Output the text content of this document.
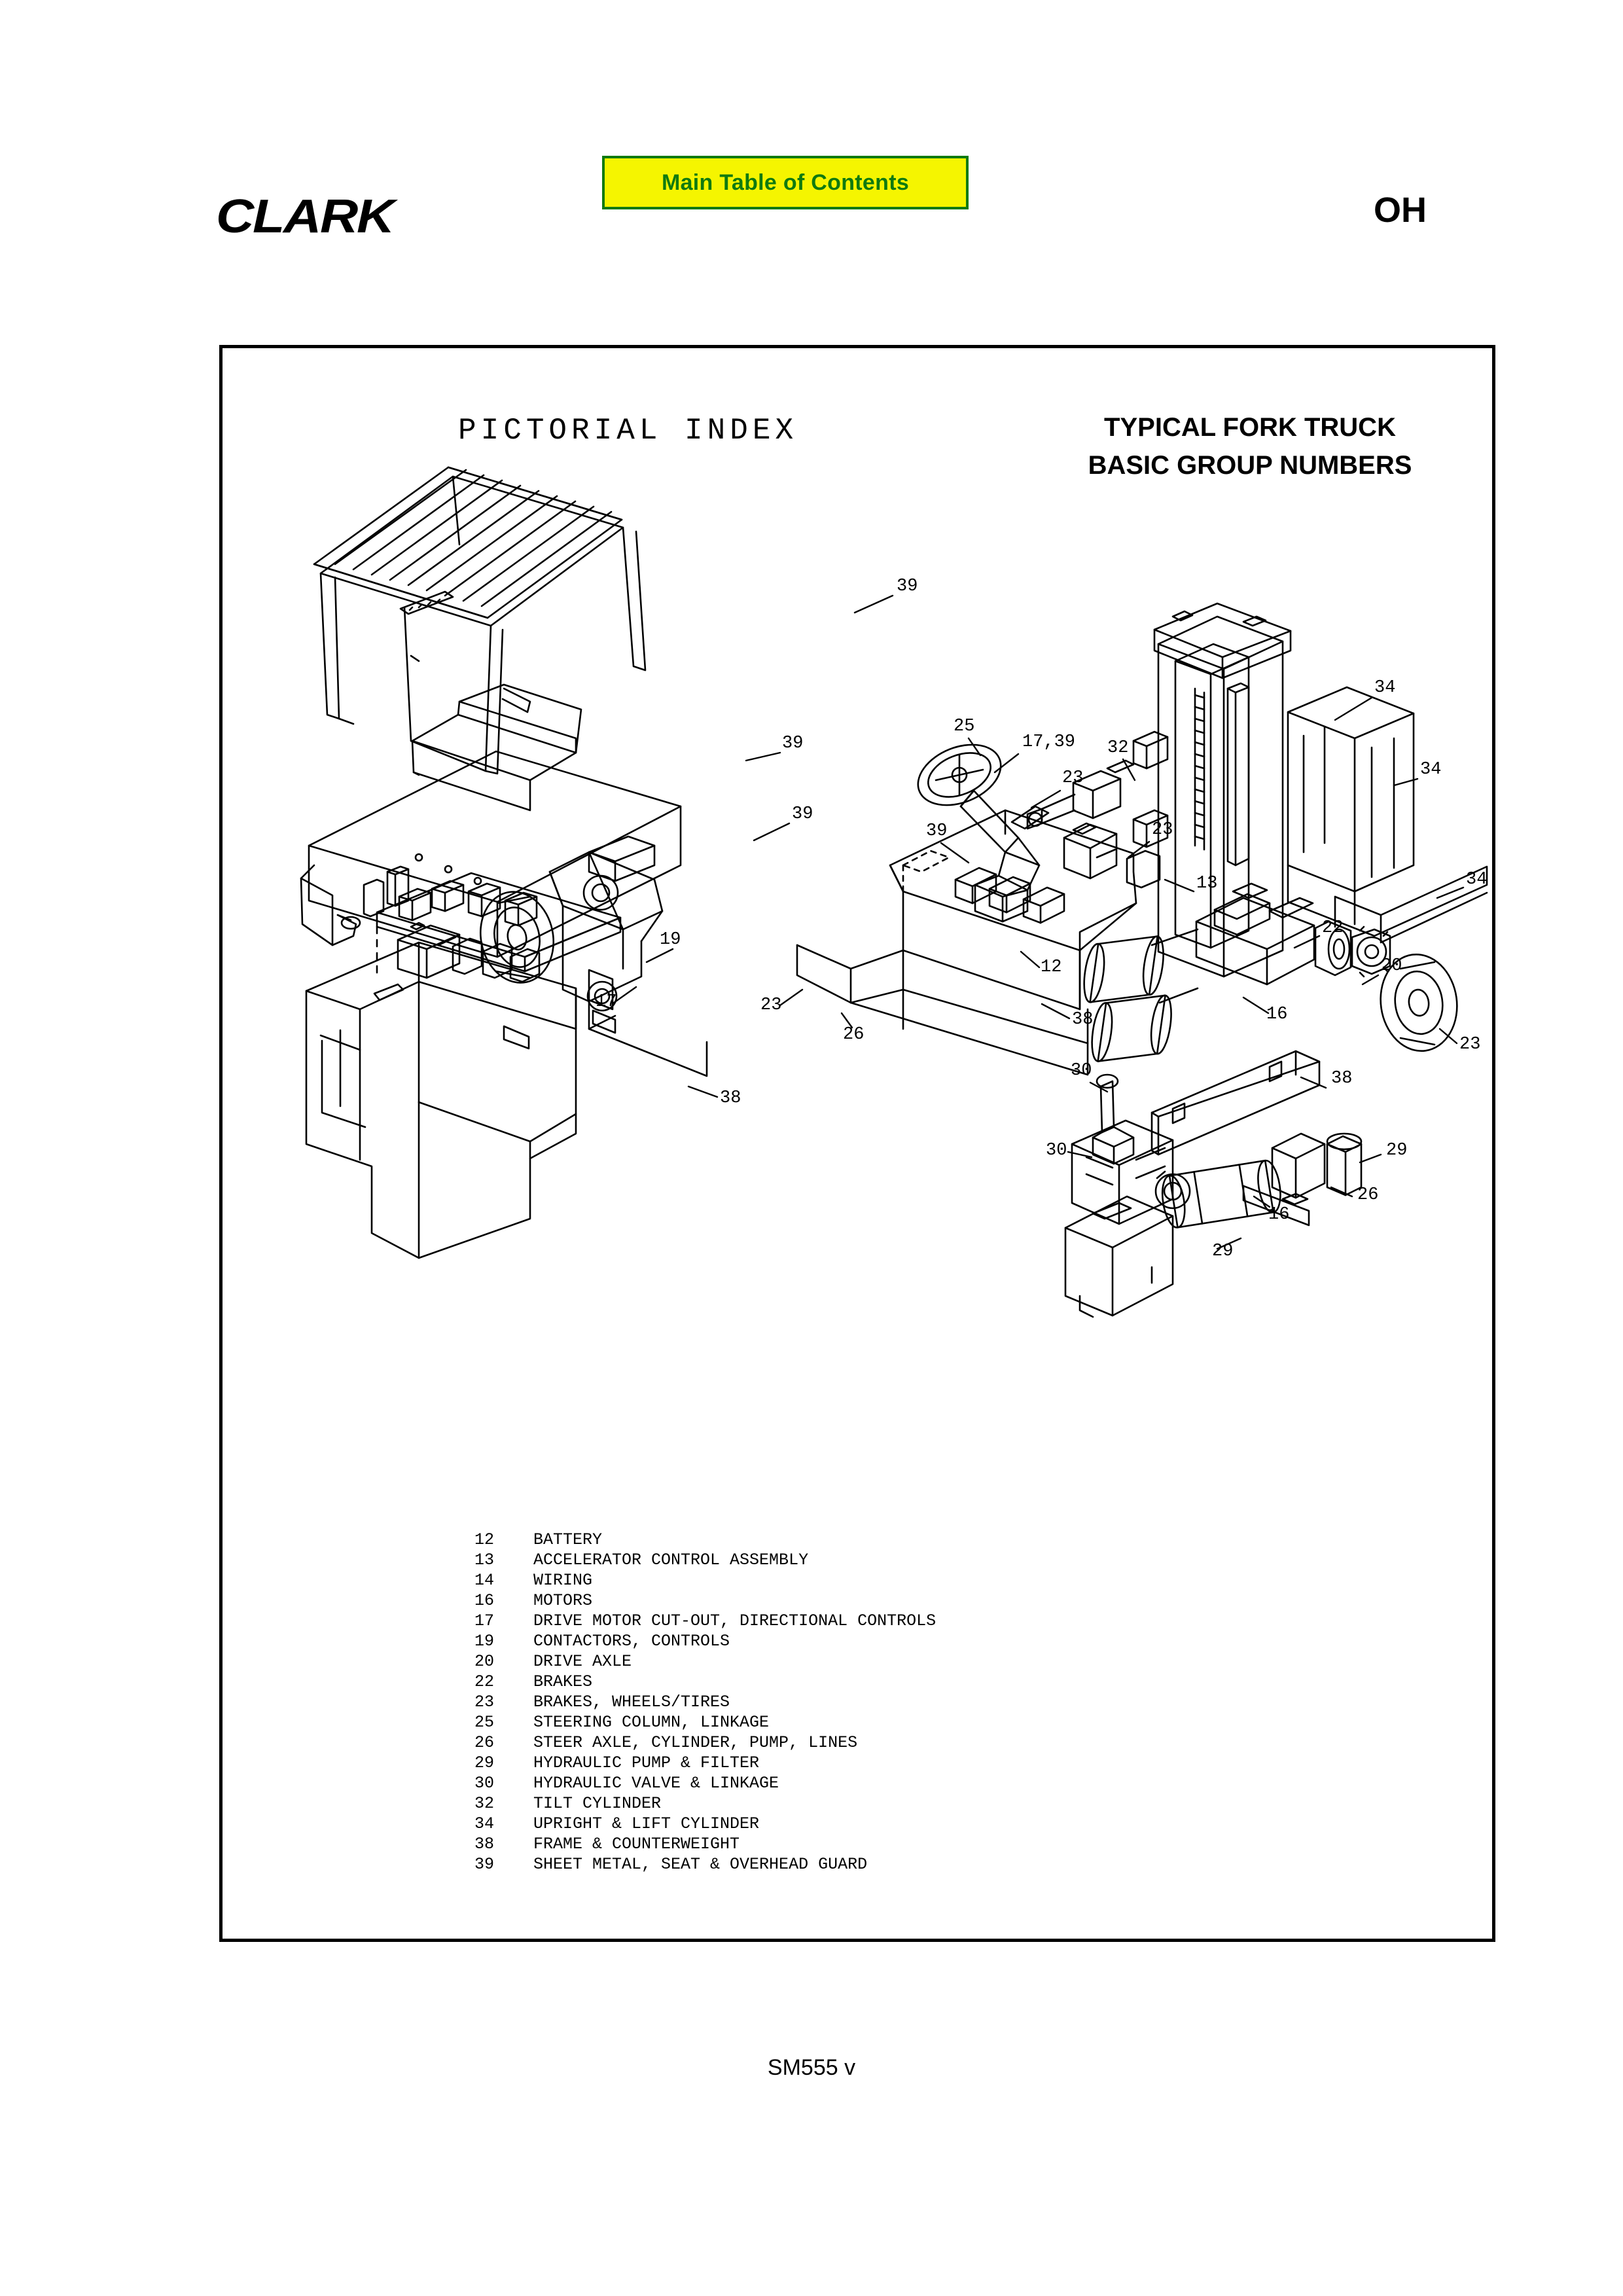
Main Table of Contents
CLARK	OH
PICTORIAL INDEX	TYPICAL FORK TRUCK
BASIC GROUP NUMBERS
39
39
39
25
17,39
23
39	23
13
32
34
34
34
22
20
16
23
19
17	23
26
12
38
38
30	38
30	29
26
16
29
12	BATTERY
13	ACCELERATOR CONTROL ASSEMBLY
14	WIRING
16	MOTORS
17	DRIVE MOTOR CUT-OUT, DIRECTIONAL CONTROLS
19	CONTACTORS, CONTROLS
20	DRIVE AXLE
22	BRAKES
23	BRAKES, WHEELS/TIRES
25	STEERING COLUMN, LINKAGE
26	STEER AXLE, CYLINDER, PUMP, LINES
29	HYDRAULIC PUMP & FILTER
30	HYDRAULIC VALVE & LINKAGE
32	TILT CYLINDER
34	UPRIGHT & LIFT CYLINDER
38	FRAME & COUNTERWEIGHT
39	SHEET METAL, SEAT & OVERHEAD GUARD
SM555 v
